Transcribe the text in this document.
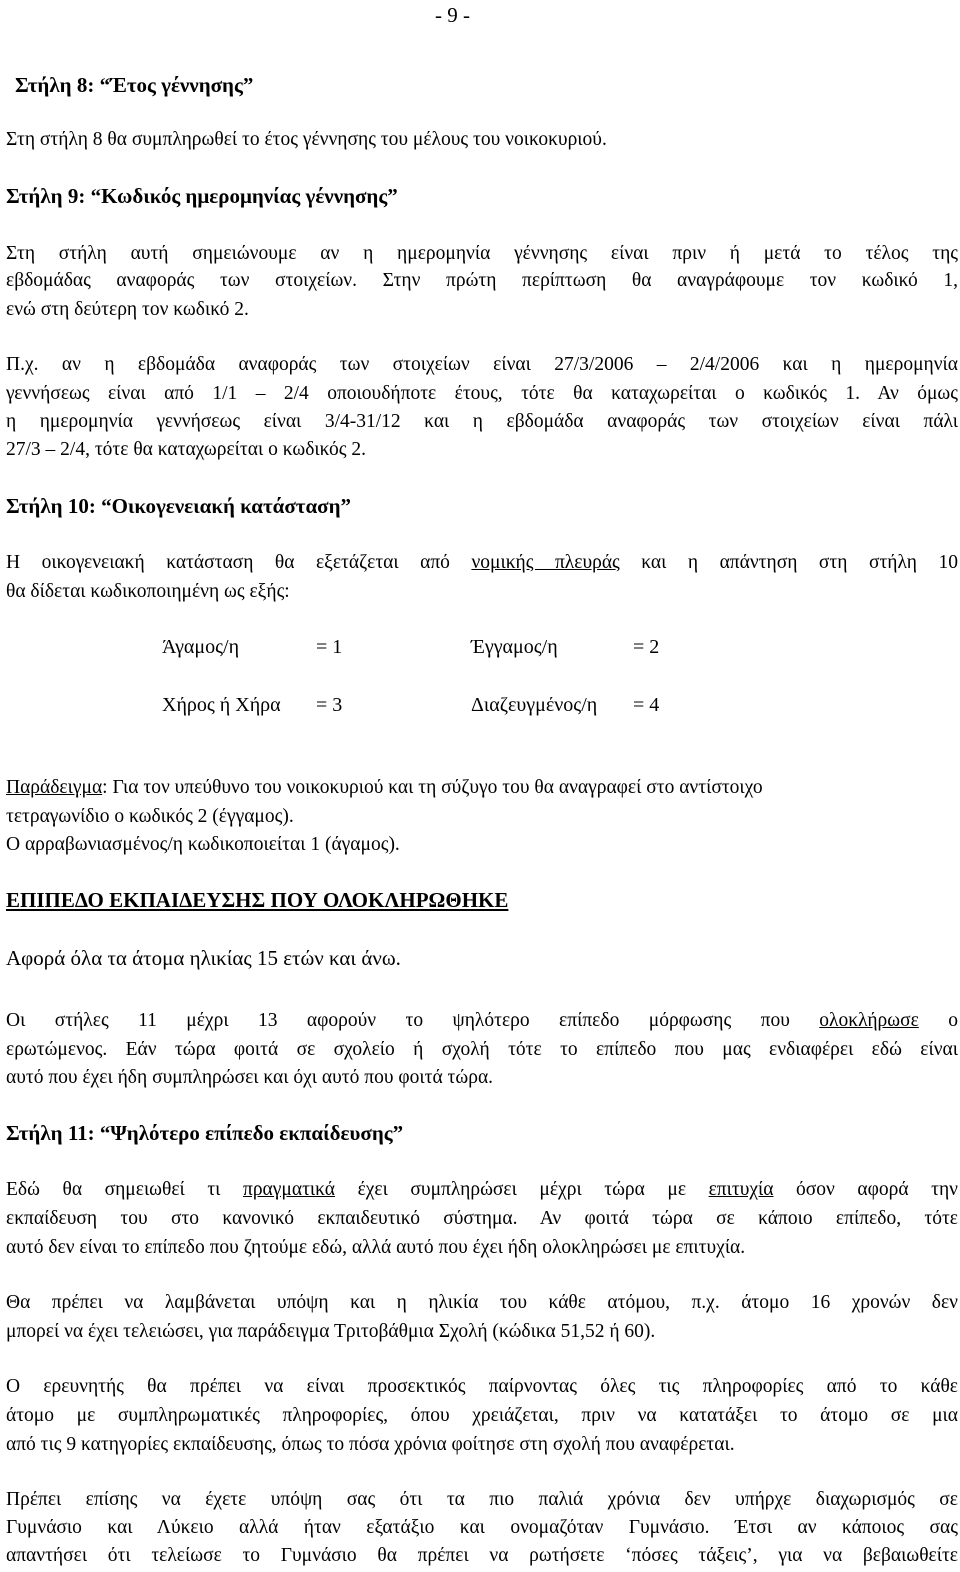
- 9 -
Στήλη 8: “Έτος γέννησης”
Στη στήλη 8 θα συμπληρωθεί το έτος γέννησης του μέλους του νοικοκυριού.
Στήλη 9: “Κωδικός ημερομηνίας γέννησης”
Στη στήλη αυτή σημειώνουμε αν η ημερομηνία γέννησης είναι πριν ή μετά το τέλος της
εβδομάδας αναφοράς των στοιχείων. Στην πρώτη περίπτωση θα αναγράφουμε τον κωδικό 1,
ενώ στη δεύτερη τον κωδικό 2.
Π.χ. αν η εβδομάδα αναφοράς των στοιχείων είναι 27/3/2006 – 2/4/2006 και η ημερομηνία
γεννήσεως είναι από 1/1 – 2/4 οποιουδήποτε έτους, τότε θα καταχωρείται ο κωδικός 1. Αν όμως
η ημερομηνία γεννήσεως είναι 3/4-31/12 και η εβδομάδα αναφοράς των στοιχείων είναι πάλι
27/3 – 2/4, τότε θα καταχωρείται ο κωδικός 2.
Στήλη 10: “Οικογενειακή κατάσταση”
Η οικογενειακή κατάσταση θα εξετάζεται από νομικής πλευράς και η απάντηση στη στήλη 10
θα δίδεται κωδικοποιημένη ως εξής:
Άγαμος/η	= 1	Έγγαμος/η	= 2
Χήρος ή Χήρα = 3	Διαζευγμένος/η = 4
Παράδειγμα: Για τον υπεύθυνο του νοικοκυριού και τη σύζυγο του θα αναγραφεί στο αντίστοιχο
τετραγωνίδιο ο κωδικός 2 (έγγαμος).
Ο αρραβωνιασμένος/η κωδικοποιείται 1 (άγαμος).
ΕΠΙΠΕΔΟ ΕΚΠΑΙΔΕΥΣΗΣ ΠΟΥ ΟΛΟΚΛΗΡΩΘΗΚΕ
Αφορά όλα τα άτομα ηλικίας 15 ετών και άνω.
Οι στήλες 11 μέχρι 13 αφορούν το ψηλότερο επίπεδο μόρφωσης που ολοκλήρωσε ο
ερωτώμενος. Εάν τώρα φοιτά σε σχολείο ή σχολή τότε το επίπεδο που μας ενδιαφέρει εδώ είναι
αυτό που έχει ήδη συμπληρώσει και όχι αυτό που φοιτά τώρα.
Στήλη 11: “Ψηλότερο επίπεδο εκπαίδευσης”
Εδώ θα σημειωθεί τι πραγματικά έχει συμπληρώσει μέχρι τώρα με επιτυχία όσον αφορά την
εκπαίδευση του στο κανονικό εκπαιδευτικό σύστημα. Αν φοιτά τώρα σε κάποιο επίπεδο, τότε
αυτό δεν είναι το επίπεδο που ζητούμε εδώ, αλλά αυτό που έχει ήδη ολοκληρώσει με επιτυχία.
Θα πρέπει να λαμβάνεται υπόψη και η ηλικία του κάθε ατόμου, π.χ. άτομο 16 χρονών δεν
μπορεί να έχει τελειώσει, για παράδειγμα Τριτοβάθμια Σχολή (κώδικα 51,52 ή 60).
Ο ερευνητής θα πρέπει να είναι προσεκτικός παίρνοντας όλες τις πληροφορίες από το κάθε
άτομο με συμπληρωματικές πληροφορίες, όπου χρειάζεται, πριν να κατατάξει το άτομο σε μια
από τις 9 κατηγορίες εκπαίδευσης, όπως το πόσα χρόνια φοίτησε στη σχολή που αναφέρεται.
Πρέπει επίσης να έχετε υπόψη σας ότι τα πιο παλιά χρόνια δεν υπήρχε διαχωρισμός σε
Γυμνάσιο και Λύκειο αλλά ήταν εξατάξιο και ονομαζόταν Γυμνάσιο. Έτσι αν κάποιος σας
απαντήσει ότι τελείωσε το Γυμνάσιο θα πρέπει να ρωτήσετε ‘πόσες τάξεις’, για να βεβαιωθείτε
